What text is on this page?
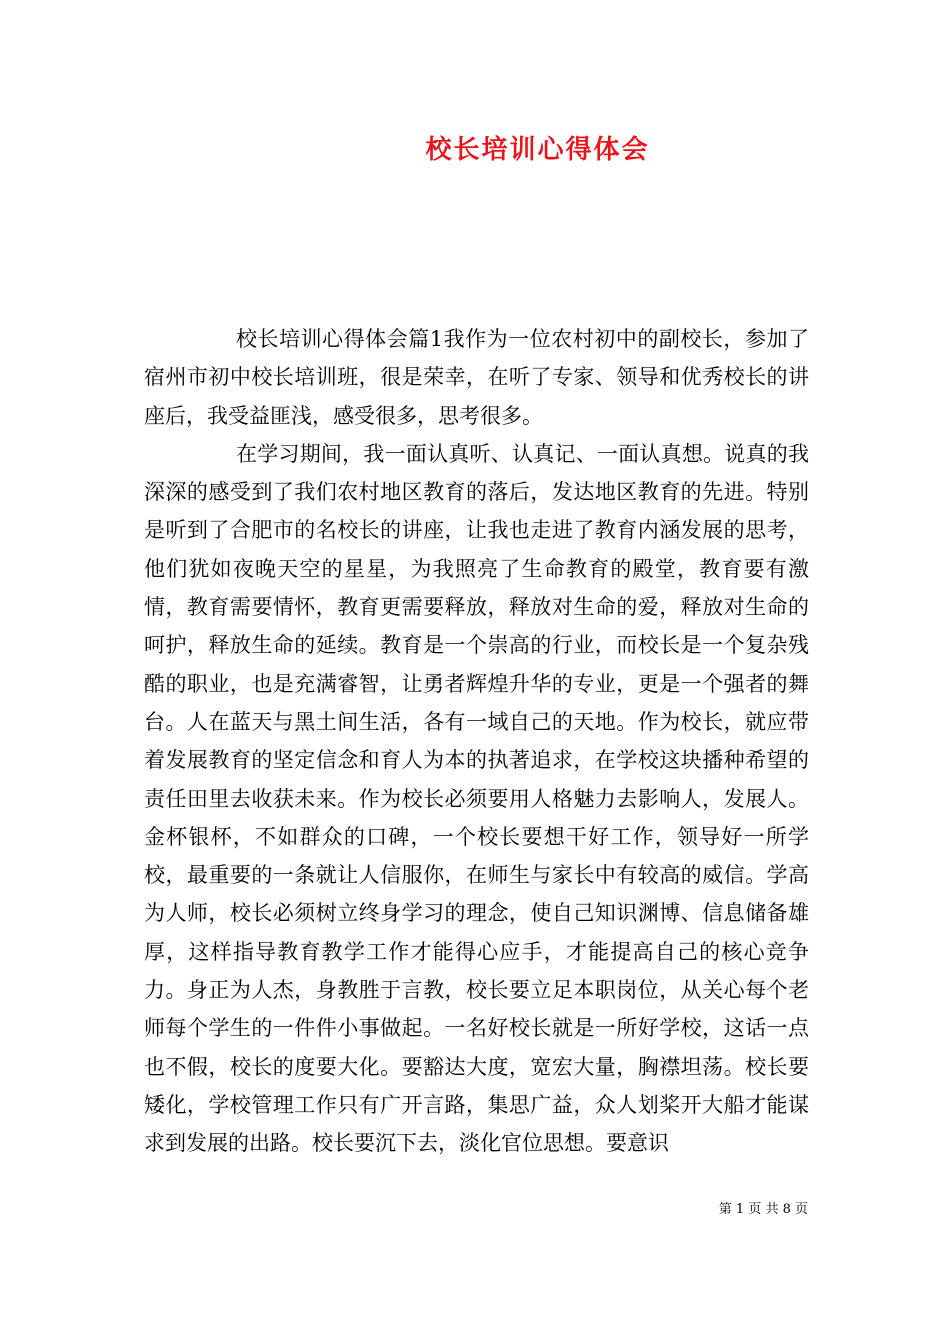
校长培训心得体会

校长培训心得体会篇1我作为一位农村初中的副校长，参加了宿州市初中校长培训班，很是荣幸，在听了专家、领导和优秀校长的讲座后，我受益匪浅，感受很多，思考很多。

在学习期间，我一面认真听、认真记、一面认真想。说真的我深深的感受到了我们农村地区教育的落后，发达地区教育的先进。特别是听到了合肥市的名校长的讲座，让我也走进了教育内涵发展的思考，他们犹如夜晚天空的星星，为我照亮了生命教育的殿堂，教育要有激情，教育需要情怀，教育更需要释放，释放对生命的爱，释放对生命的呵护，释放生命的延续。教育是一个崇高的行业，而校长是一个复杂残酷的职业，也是充满睿智，让勇者辉煌升华的专业，更是一个强者的舞台。人在蓝天与黑土间生活，各有一域自己的天地。作为校长，就应带着发展教育的坚定信念和育人为本的执著追求，在学校这块播种希望的责任田里去收获未来。作为校长必须要用人格魅力去影响人，发展人。金杯银杯，不如群众的口碑，一个校长要想干好工作，领导好一所学校，最重要的一条就让人信服你，在师生与家长中有较高的威信。学高为人师，校长必须树立终身学习的理念，使自己知识渊博、信息储备雄厚，这样指导教育教学工作才能得心应手，才能提高自己的核心竞争力。身正为人杰，身教胜于言教，校长要立足本职岗位，从关心每个老师每个学生的一件件小事做起。一名好校长就是一所好学校，这话一点也不假，校长的度要大化。要豁达大度，宽宏大量，胸襟坦荡。校长要矮化，学校管理工作只有广开言路，集思广益，众人划桨开大船才能谋求到发展的出路。校长要沉下去，淡化官位思想。要意识

第 1 页 共 8 页
